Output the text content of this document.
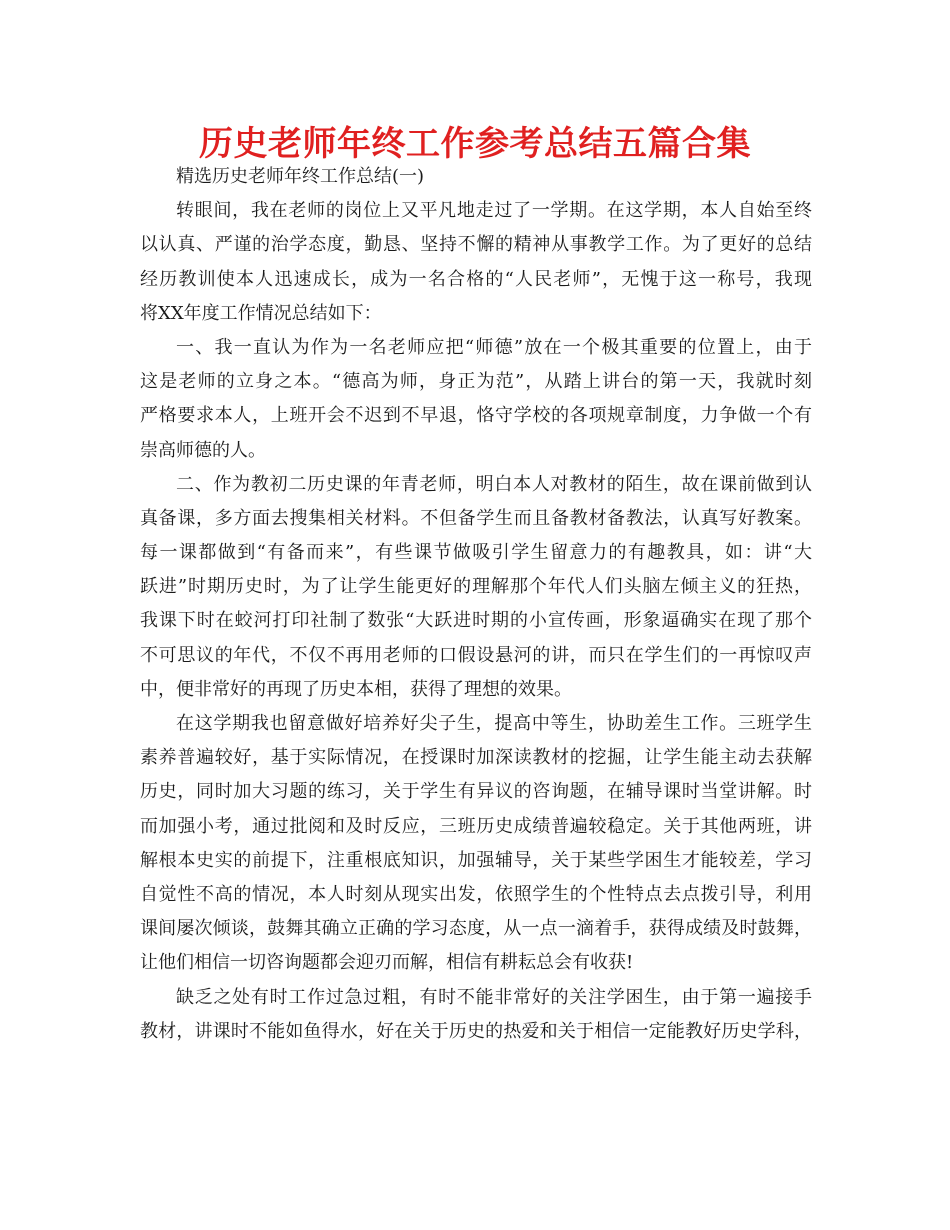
历史老师年终工作参考总结五篇合集
精选历史老师年终工作总结(一)
转眼间，我在老师的岗位上又平凡地走过了一学期。在这学期，本人自始至终
以认真、严谨的治学态度，勤恳、坚持不懈的精神从事教学工作。为了更好的总结
经历教训使本人迅速成长，成为一名合格的“人民老师”，无愧于这一称号，我现
将XX年度工作情况总结如下：
一、我一直认为作为一名老师应把“师德”放在一个极其重要的位置上，由于
这是老师的立身之本。“德高为师，身正为范”，从踏上讲台的第一天，我就时刻
严格要求本人，上班开会不迟到不早退，恪守学校的各项规章制度，力争做一个有
崇高师德的人。
二、作为教初二历史课的年青老师，明白本人对教材的陌生，故在课前做到认
真备课，多方面去搜集相关材料。不但备学生而且备教材备教法，认真写好教案。
每一课都做到“有备而来”，有些课节做吸引学生留意力的有趣教具，如：讲“大
跃进”时期历史时，为了让学生能更好的理解那个年代人们头脑左倾主义的狂热，
我课下时在蛟河打印社制了数张“大跃进时期的小宣传画，形象逼确实在现了那个
不可思议的年代，不仅不再用老师的口假设悬河的讲，而只在学生们的一再惊叹声
中，便非常好的再现了历史本相，获得了理想的效果。
在这学期我也留意做好培养好尖子生，提高中等生，协助差生工作。三班学生
素养普遍较好，基于实际情况，在授课时加深读教材的挖掘，让学生能主动去获解
历史，同时加大习题的练习，关于学生有异议的咨询题，在辅导课时当堂讲解。时
而加强小考，通过批阅和及时反应，三班历史成绩普遍较稳定。关于其他两班，讲
解根本史实的前提下，注重根底知识，加强辅导，关于某些学困生才能较差，学习
自觉性不高的情况，本人时刻从现实出发，依照学生的个性特点去点拨引导，利用
课间屡次倾谈，鼓舞其确立正确的学习态度，从一点一滴着手，获得成绩及时鼓舞，
让他们相信一切咨询题都会迎刃而解，相信有耕耘总会有收获!
缺乏之处有时工作过急过粗，有时不能非常好的关注学困生，由于第一遍接手
教材，讲课时不能如鱼得水，好在关于历史的热爱和关于相信一定能教好历史学科，
